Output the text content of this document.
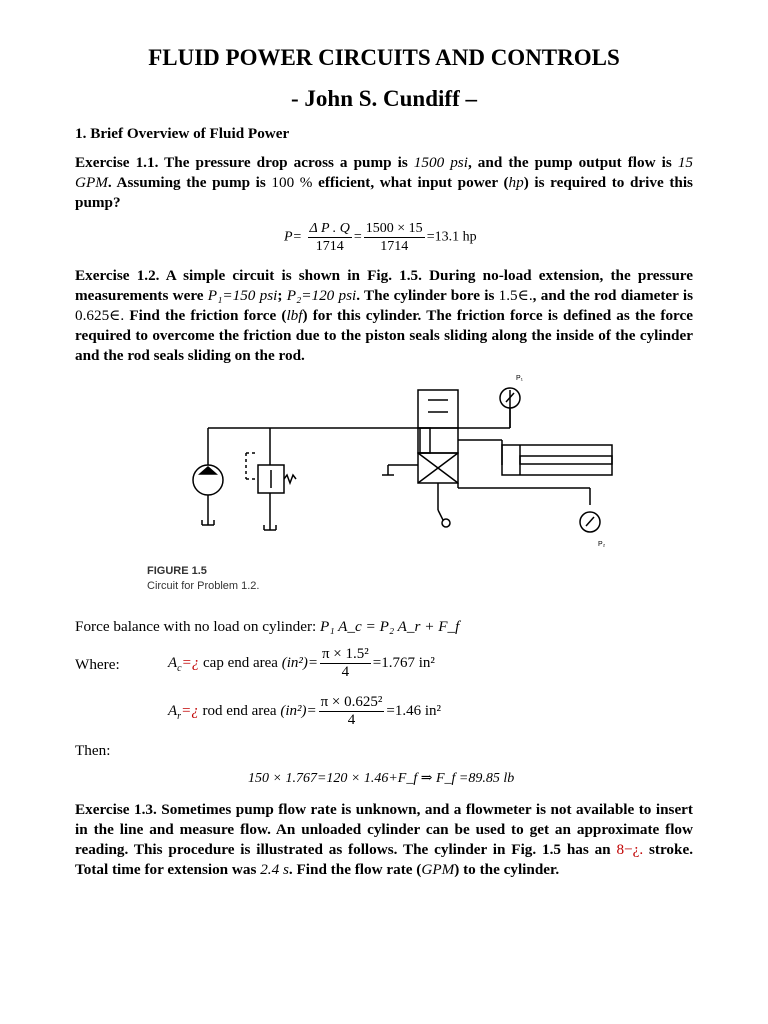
FLUID POWER CIRCUITS AND CONTROLS
- John S. Cundiff –
1. Brief Overview of Fluid Power
Exercise 1.1. The pressure drop across a pump is 1500 psi, and the pump output flow is 15 GPM. Assuming the pump is 100 % efficient, what input power (hp) is required to drive this pump?
$P= \frac{\text{Δ P . Q}}{1714} = \frac{1500 \times 15}{1714} =13.1$ hp
Exercise 1.2. A simple circuit is shown in Fig. 1.5. During no-load extension, the pressure measurements were P₁=150 psi; P₂=120 psi. The cylinder bore is 1.5∈., and the rod diameter is 0.625∈. Find the friction force (lbf) for this cylinder. The friction force is defined as the force required to overcome the friction due to the piston seals sliding along the inside of the cylinder and the rod seals sliding on the rod.
P₁
P₂
FIGURE 1.5
Circuit for Problem 1.2.
Force balance with no load on cylinder: P₁ A_c = P₂ A_r + F_f
Where:	$A_c=¿$ cap end area $(in^2)= \frac{\text{π × 1.5²}}{4} =1.767$ in²
$A_r=¿$ rod end area $(in^2)= \frac{\text{π × 0.625²}}{4} =1.46$ in²
Then:
150 × 1.767=120 × 1.46+F_f ⇒ F_f =89.85 lb
Exercise 1.3. Sometimes pump flow rate is unknown, and a flowmeter is not available to insert in the line and measure flow. An unloaded cylinder can be used to get an approximate flow reading. This procedure is illustrated as follows. The cylinder in Fig. 1.5 has an 8−¿. stroke. Total time for extension was 2.4 s. Find the flow rate (GPM) to the cylinder.
